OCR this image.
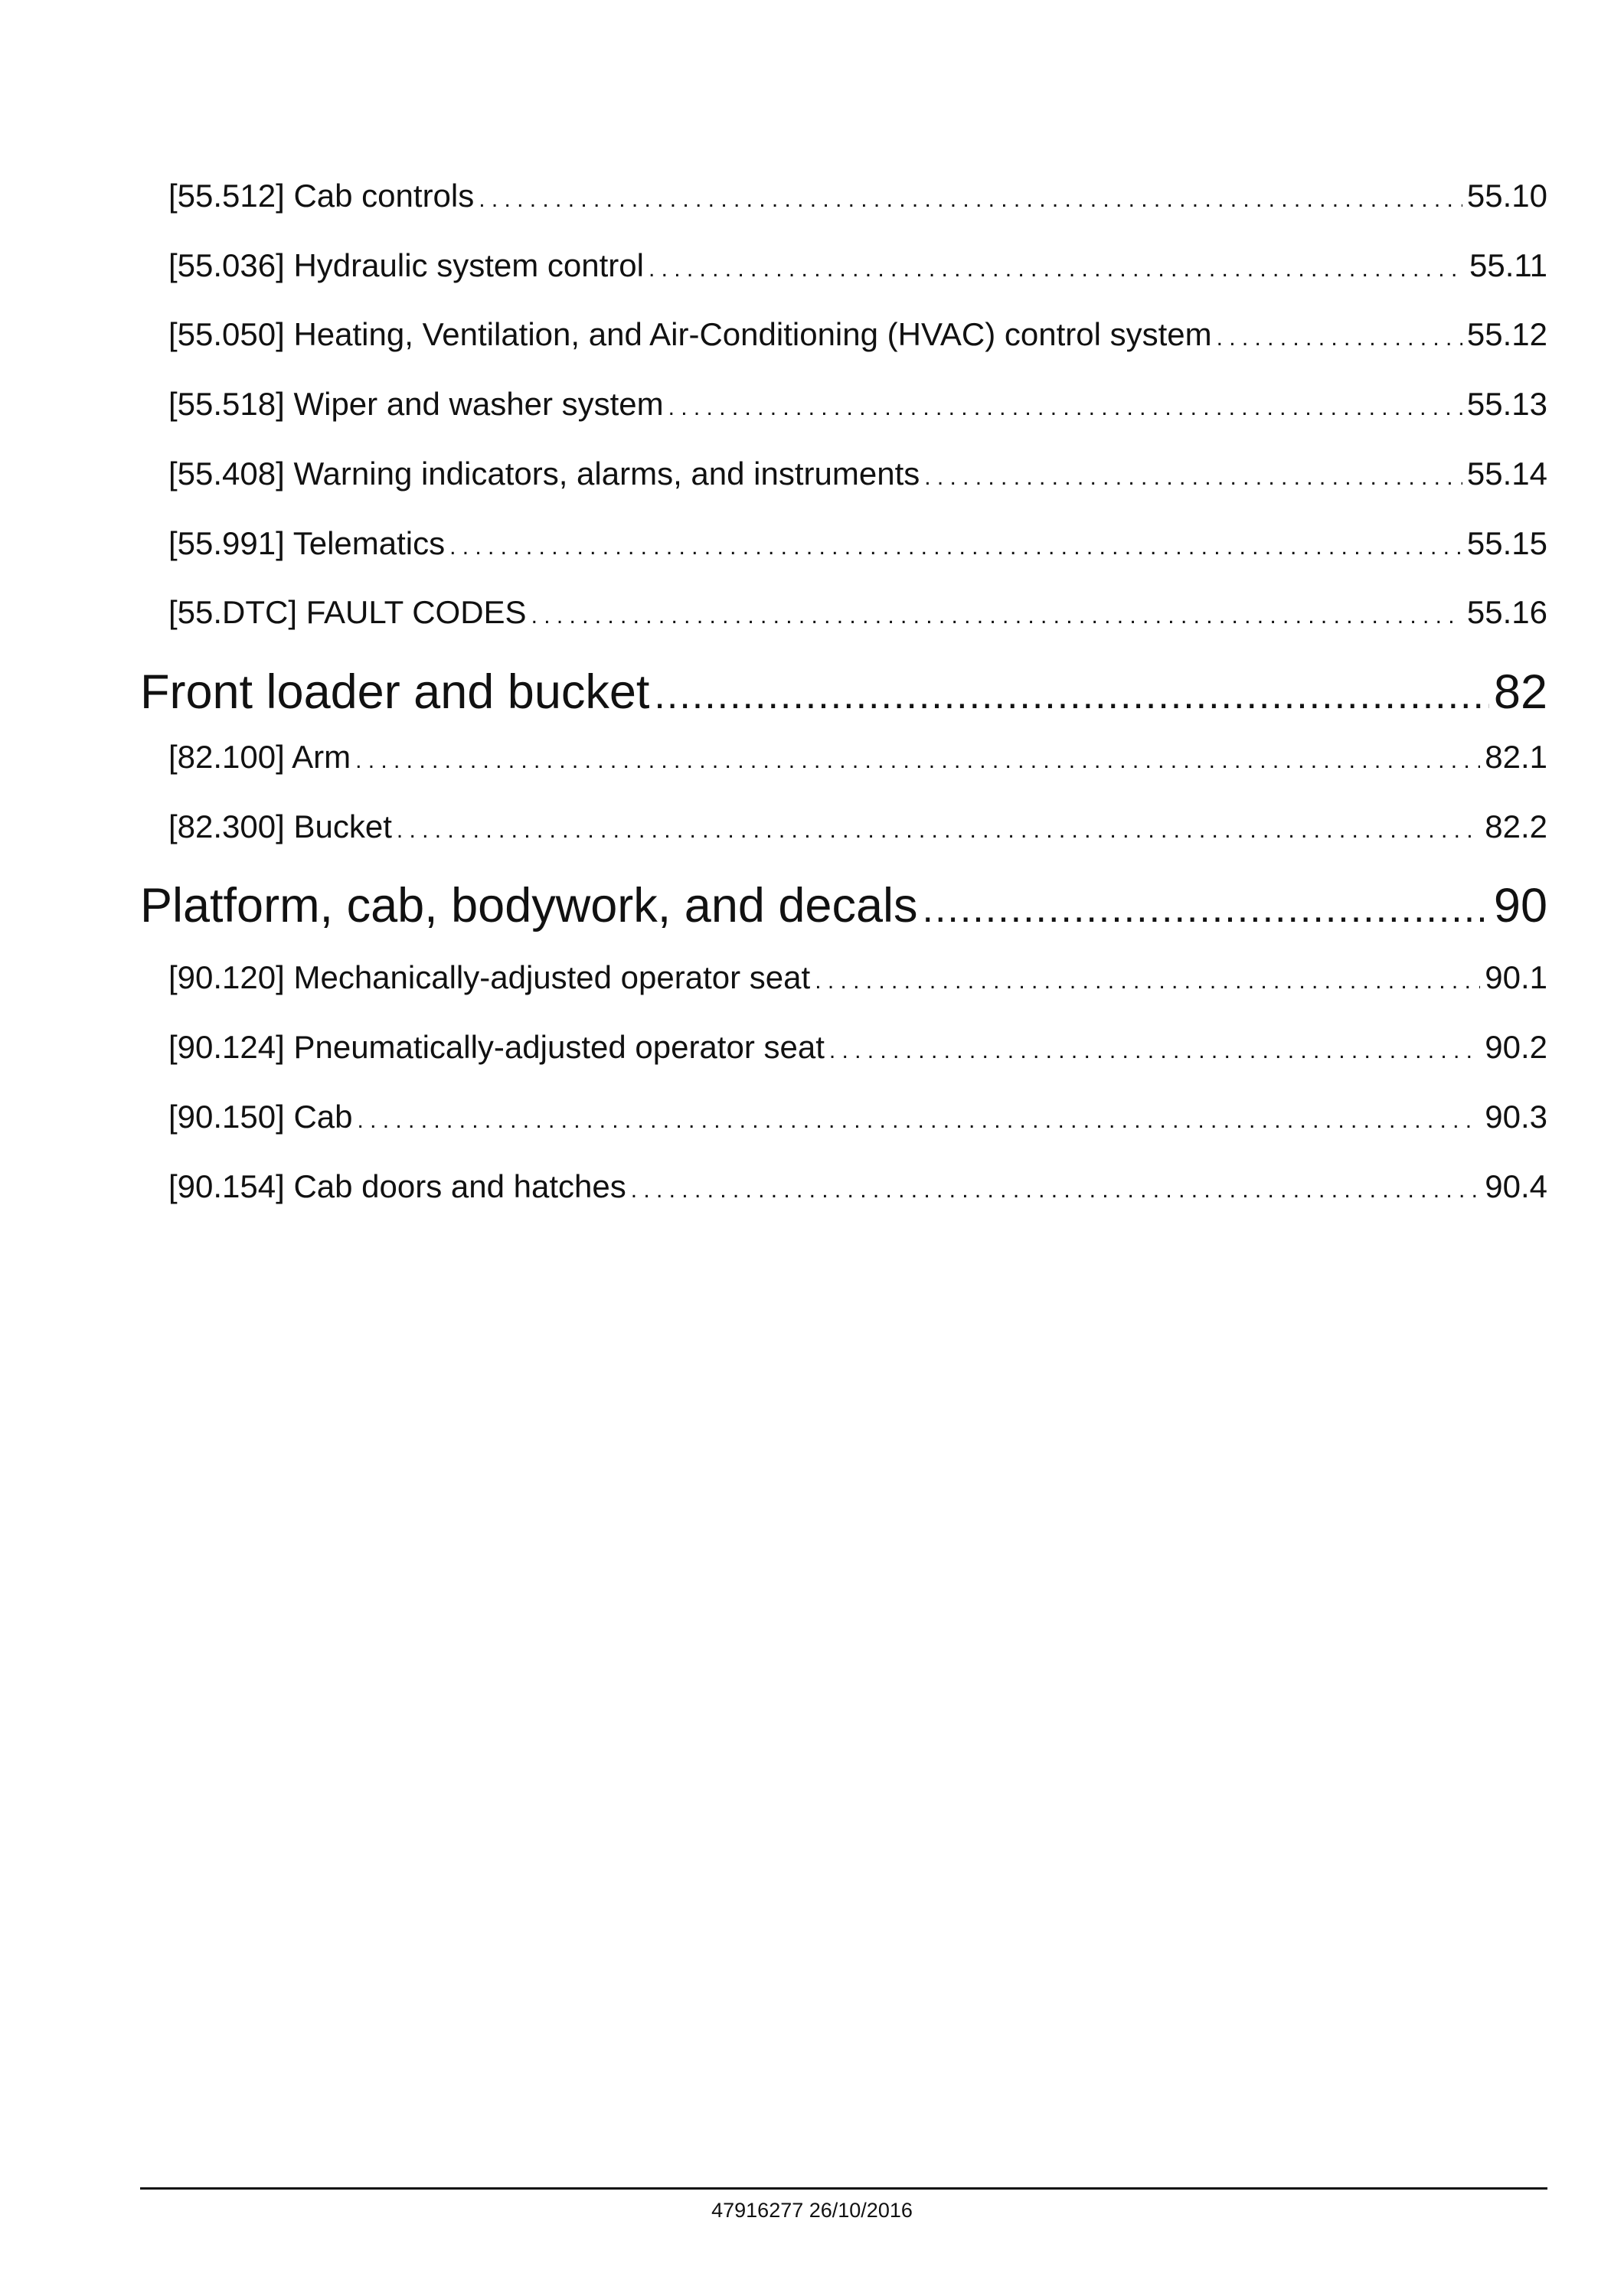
[55.512] Cab controls .....	55.10
[55.036] Hydraulic system control .....	55.11
[55.050] Heating, Ventilation, and Air-Conditioning (HVAC) control system .....	55.12
[55.518] Wiper and washer system .....	55.13
[55.408] Warning indicators, alarms, and instruments .....	55.14
[55.991] Telematics .....	55.15
[55.DTC] FAULT CODES .....	55.16
Front loader and bucket .....	82
[82.100] Arm .....	82.1
[82.300] Bucket .....	82.2
Platform, cab, bodywork, and decals .....	90
[90.120] Mechanically-adjusted operator seat .....	90.1
[90.124] Pneumatically-adjusted operator seat .....	90.2
[90.150] Cab .....	90.3
[90.154] Cab doors and hatches .....	90.4
47916277 26/10/2016
